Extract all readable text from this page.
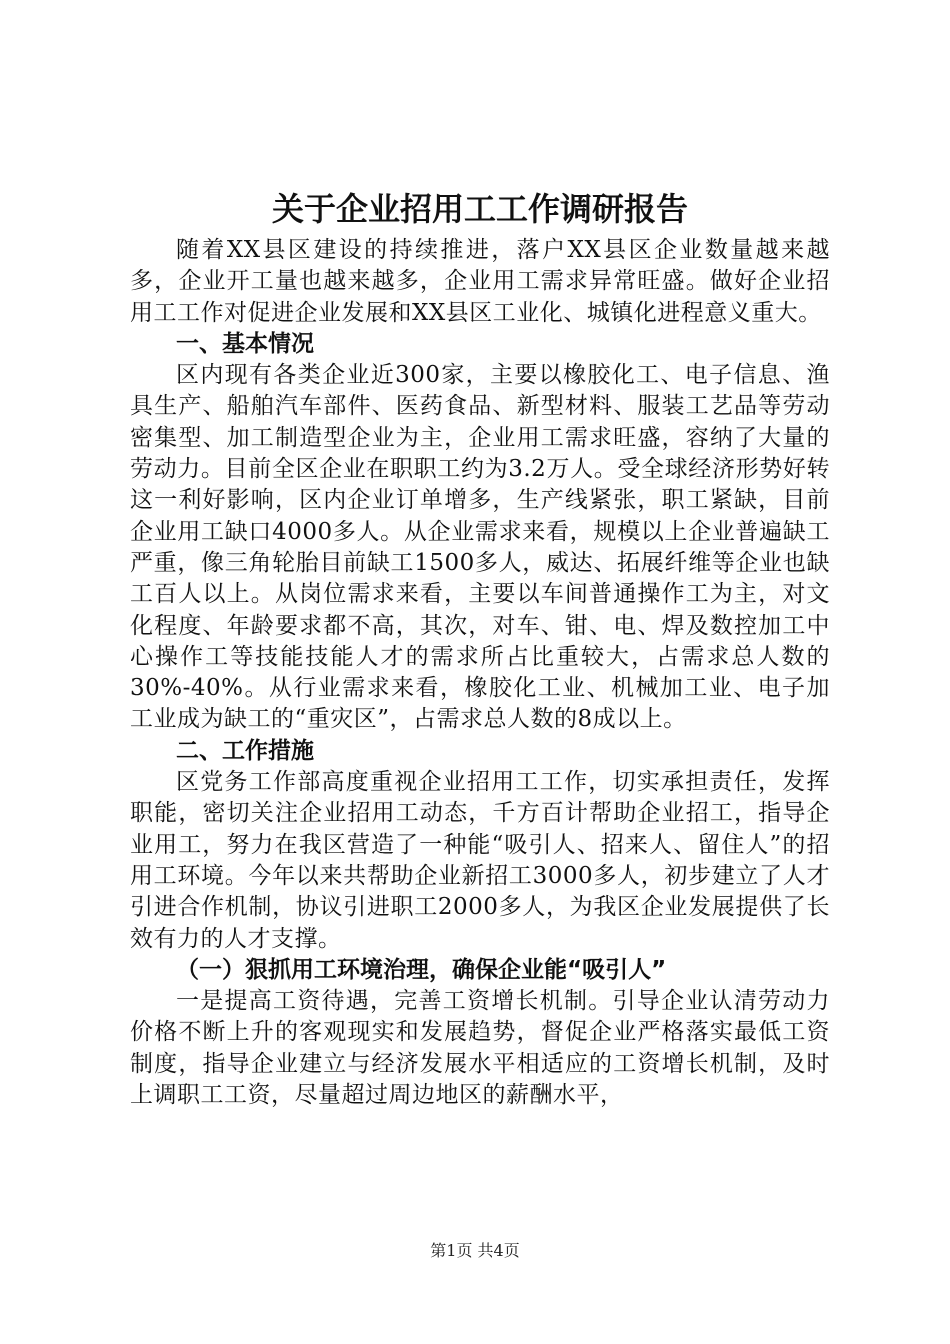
关于企业招用工工作调研报告

随着XX县区建设的持续推进，落户XX县区企业数量越来越多，企业开工量也越来越多，企业用工需求异常旺盛。做好企业招用工工作对促进企业发展和XX县区工业化、城镇化进程意义重大。

一、基本情况

区内现有各类企业近300家，主要以橡胶化工、电子信息、渔具生产、船舶汽车部件、医药食品、新型材料、服装工艺品等劳动密集型、加工制造型企业为主，企业用工需求旺盛，容纳了大量的劳动力。目前全区企业在职职工约为3.2万人。受全球经济形势好转这一利好影响，区内企业订单增多，生产线紧张，职工紧缺，目前企业用工缺口4000多人。从企业需求来看，规模以上企业普遍缺工严重，像三角轮胎目前缺工1500多人，威达、拓展纤维等企业也缺工百人以上。从岗位需求来看，主要以车间普通操作工为主，对文化程度、年龄要求都不高，其次，对车、钳、电、焊及数控加工中心操作工等技能技能人才的需求所占比重较大，占需求总人数的30%-40%。从行业需求来看，橡胶化工业、机械加工业、电子加工业成为缺工的“重灾区”，占需求总人数的8成以上。

二、工作措施

区党务工作部高度重视企业招用工工作，切实承担责任，发挥职能，密切关注企业招用工动态，千方百计帮助企业招工，指导企业用工，努力在我区营造了一种能“吸引人、招来人、留住人”的招用工环境。今年以来共帮助企业新招工3000多人，初步建立了人才引进合作机制，协议引进职工2000多人，为我区企业发展提供了长效有力的人才支撑。

（一）狠抓用工环境治理，确保企业能“吸引人”

一是提高工资待遇，完善工资增长机制。引导企业认清劳动力价格不断上升的客观现实和发展趋势，督促企业严格落实最低工资制度，指导企业建立与经济发展水平相适应的工资增长机制，及时上调职工工资，尽量超过周边地区的薪酬水平，

第1页 共4页
